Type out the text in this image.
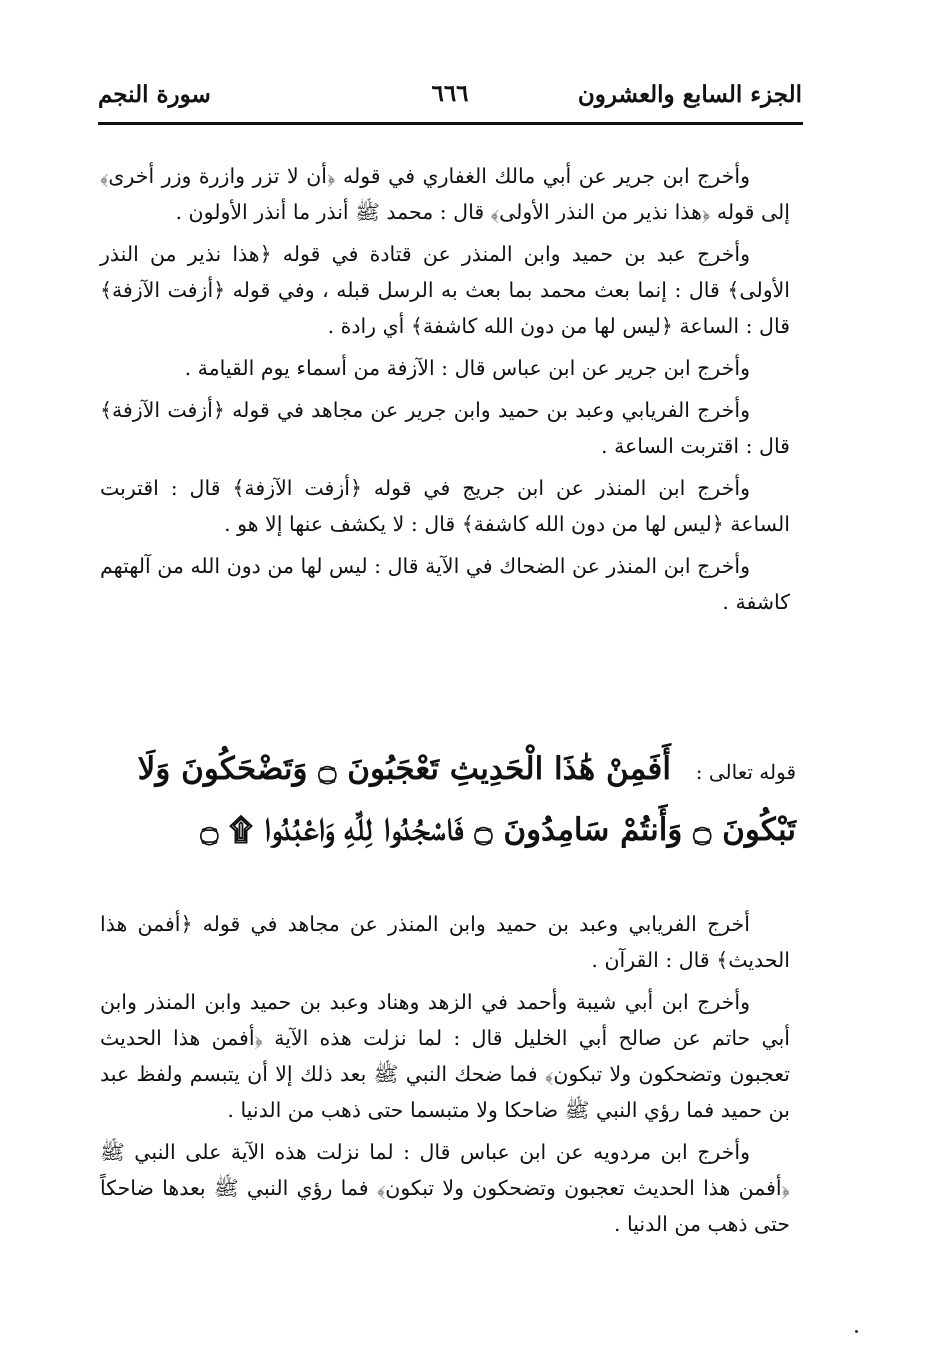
الجزء السابع والعشرون
٦٦٦
سورة النجم

وأخرج ابن جرير عن أبي مالك الغفاري في قوله ﴿أن لا تزر وازرة وزر أخرى﴾ إلى قوله ﴿هذا نذير من النذر الأولى﴾ قال : محمد ﷺ أنذر ما أنذر الأولون .

وأخرج عبد بن حميد وابن المنذر عن قتادة في قوله ﴿هذا نذير من النذر الأولى﴾ قال : إنما بعث محمد بما بعث به الرسل قبله ، وفي قوله ﴿أزفت الآزفة﴾ قال : الساعة ﴿ليس لها من دون الله كاشفة﴾ أي رادة .

وأخرج ابن جرير عن ابن عباس قال : الآزفة من أسماء يوم القيامة .

وأخرج الفريابي وعبد بن حميد وابن جرير عن مجاهد في قوله ﴿أزفت الآزفة﴾ قال : اقتربت الساعة .

وأخرج ابن المنذر عن ابن جريج في قوله ﴿أزفت الآزفة﴾ قال : اقتربت الساعة ﴿ليس لها من دون الله كاشفة﴾ قال : لا يكشف عنها إلا هو .

وأخرج ابن المنذر عن الضحاك في الآية قال : ليس لها من دون الله من آلهتهم كاشفة .

قوله تعالى : أَفَمِنْ هَٰذَا الْحَدِيثِ تَعْجَبُونَ ۝ وَتَضْحَكُونَ وَلَا تَبْكُونَ ۝ وَأَنتُمْ سَامِدُونَ ۝ فَاسْجُدُوا لِلَّهِ وَاعْبُدُوا ۩ ۝

أخرج الفريابي وعبد بن حميد وابن المنذر عن مجاهد في قوله ﴿أفمن هذا الحديث﴾ قال : القرآن .

وأخرج ابن أبي شيبة وأحمد في الزهد وهناد وعبد بن حميد وابن المنذر وابن أبي حاتم عن صالح أبي الخليل قال : لما نزلت هذه الآية ﴿أفمن هذا الحديث تعجبون وتضحكون ولا تبكون﴾ فما ضحك النبي ﷺ بعد ذلك إلا أن يتبسم ولفظ عبد بن حميد فما رؤي النبي ﷺ ضاحكا ولا متبسما حتى ذهب من الدنيا .

وأخرج ابن مردويه عن ابن عباس قال : لما نزلت هذه الآية على النبي ﷺ ﴿أفمن هذا الحديث تعجبون وتضحكون ولا تبكون﴾ فما رؤي النبي ﷺ بعدها ضاحكاً حتى ذهب من الدنيا .
